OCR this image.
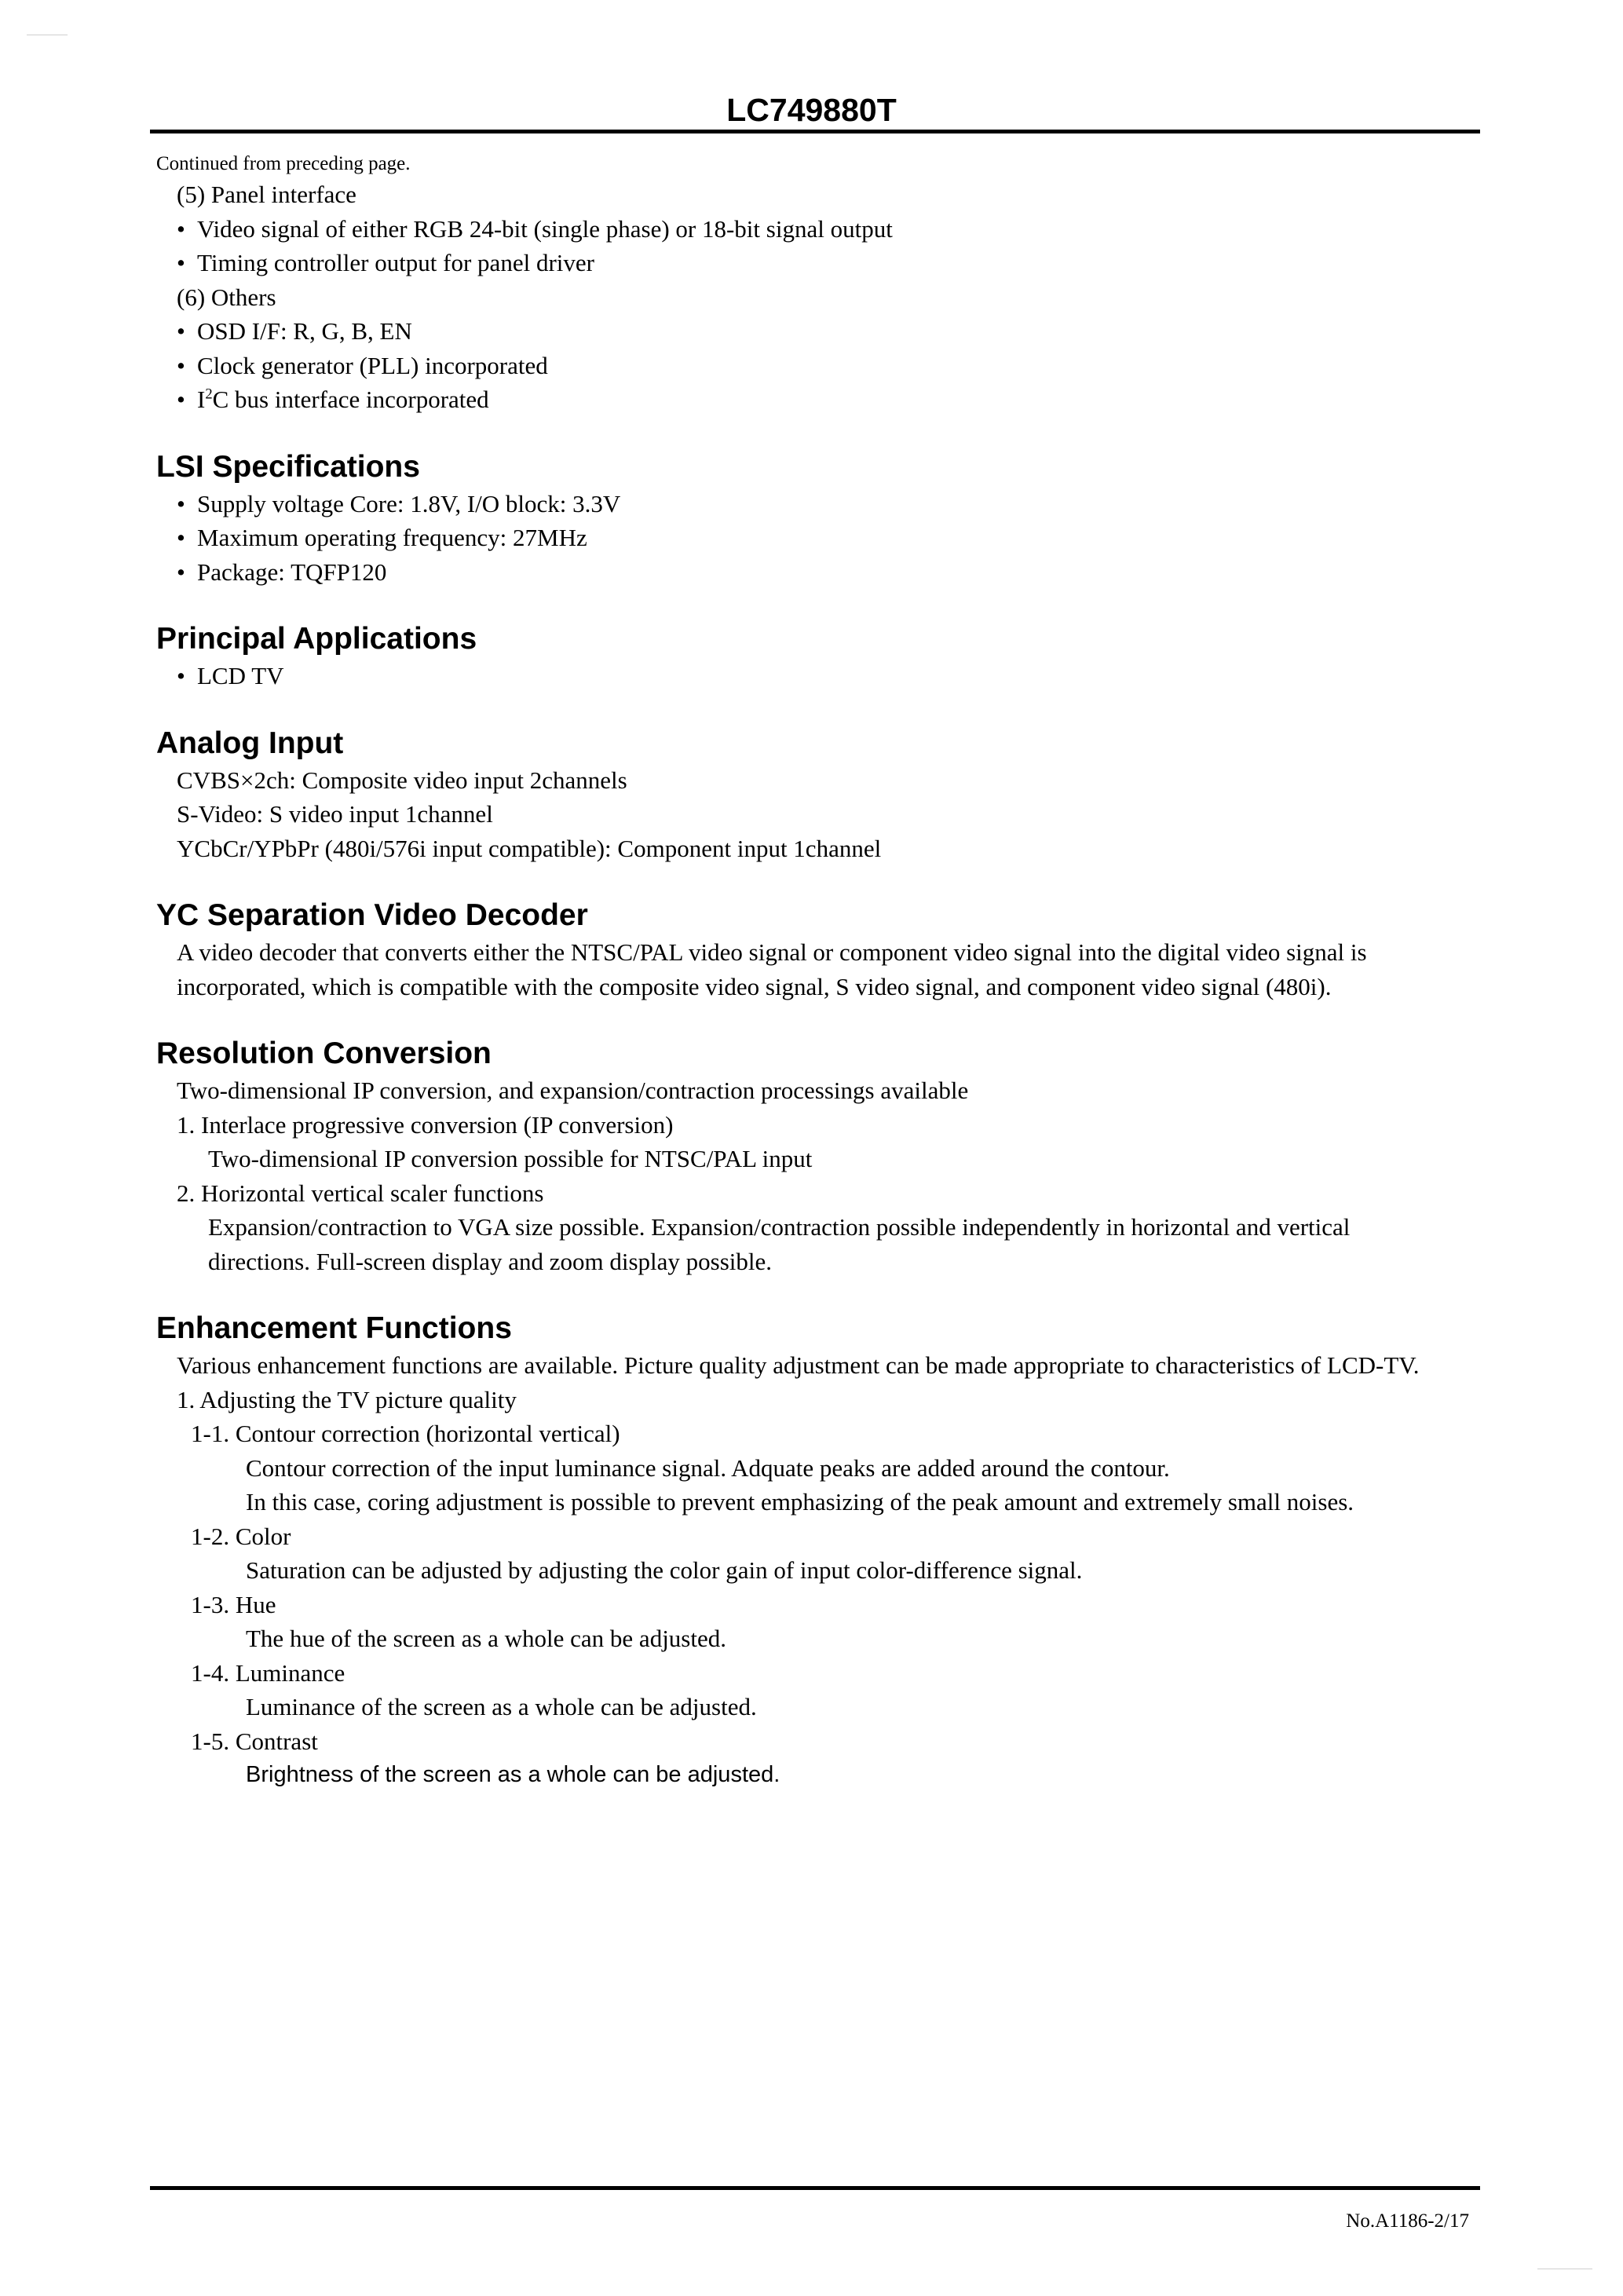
LC749880T
Continued from preceding page.
(5) Panel interface
• Video signal of either RGB 24-bit (single phase) or 18-bit signal output
• Timing controller output for panel driver
(6) Others
• OSD I/F: R, G, B, EN
• Clock generator (PLL) incorporated
• $I^2C$ bus interface incorporated
LSI Specifications
• Supply voltage Core: 1.8V, I/O block: 3.3V
• Maximum operating frequency: 27MHz
• Package: TQFP120
Principal Applications
• LCD TV
Analog Input
CVBS×2ch: Composite video input 2channels
S-Video: S video input 1channel
YCbCr/YPbPr (480i/576i input compatible): Component input 1channel
YC Separation Video Decoder
A video decoder that converts either the NTSC/PAL video signal or component video signal into the digital video signal is incorporated, which is compatible with the composite video signal, S video signal, and component video signal (480i).
Resolution Conversion
Two-dimensional IP conversion, and expansion/contraction processings available
1. Interlace progressive conversion (IP conversion)
Two-dimensional IP conversion possible for NTSC/PAL input
2. Horizontal vertical scaler functions
Expansion/contraction to VGA size possible. Expansion/contraction possible independently in horizontal and vertical directions. Full-screen display and zoom display possible.
Enhancement Functions
Various enhancement functions are available. Picture quality adjustment can be made appropriate to characteristics of LCD-TV.
1. Adjusting the TV picture quality
1-1. Contour correction (horizontal vertical)
Contour correction of the input luminance signal. Adquate peaks are added around the contour.
In this case, coring adjustment is possible to prevent emphasizing of the peak amount and extremely small noises.
1-2. Color
Saturation can be adjusted by adjusting the color gain of input color-difference signal.
1-3. Hue
The hue of the screen as a whole can be adjusted.
1-4. Luminance
Luminance of the screen as a whole can be adjusted.
1-5. Contrast
Brightness of the screen as a whole can be adjusted.
No.A1186-2/17
